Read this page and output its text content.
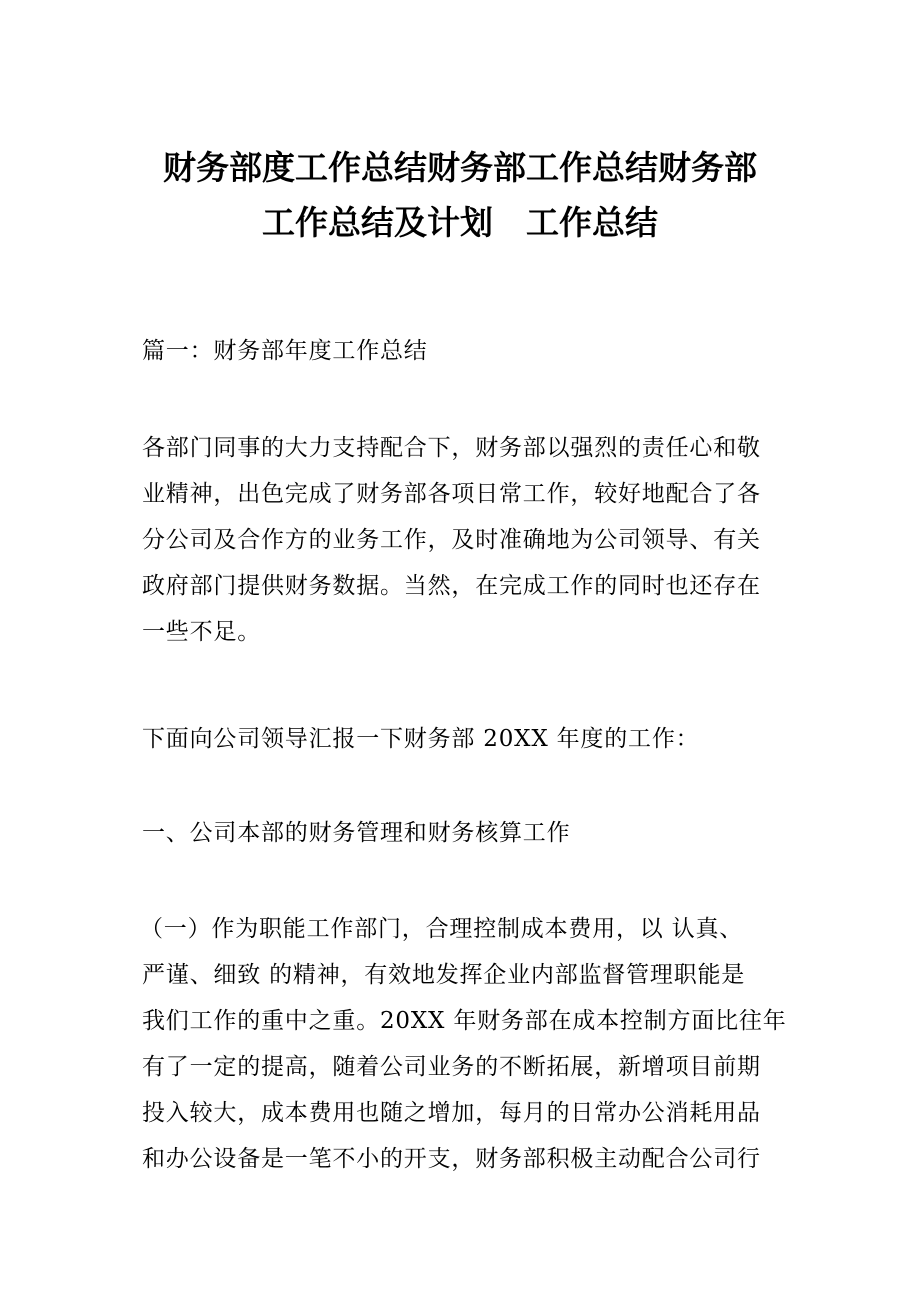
财务部度工作总结财务部工作总结财务部
工作总结及计划　工作总结
篇一：财务部年度工作总结
各部门同事的大力支持配合下，财务部以强烈的责任心和敬
业精神，出色完成了财务部各项日常工作，较好地配合了各
分公司及合作方的业务工作，及时准确地为公司领导、有关
政府部门提供财务数据。当然，在完成工作的同时也还存在
一些不足。
下面向公司领导汇报一下财务部 20XX 年度的工作：
一、公司本部的财务管理和财务核算工作
（一）作为职能工作部门，合理控制成本费用，以 认真、
严谨、细致 的精神，有效地发挥企业内部监督管理职能是
我们工作的重中之重。20XX 年财务部在成本控制方面比往年
有了一定的提高，随着公司业务的不断拓展，新增项目前期
投入较大，成本费用也随之增加，每月的日常办公消耗用品
和办公设备是一笔不小的开支，财务部积极主动配合公司行
